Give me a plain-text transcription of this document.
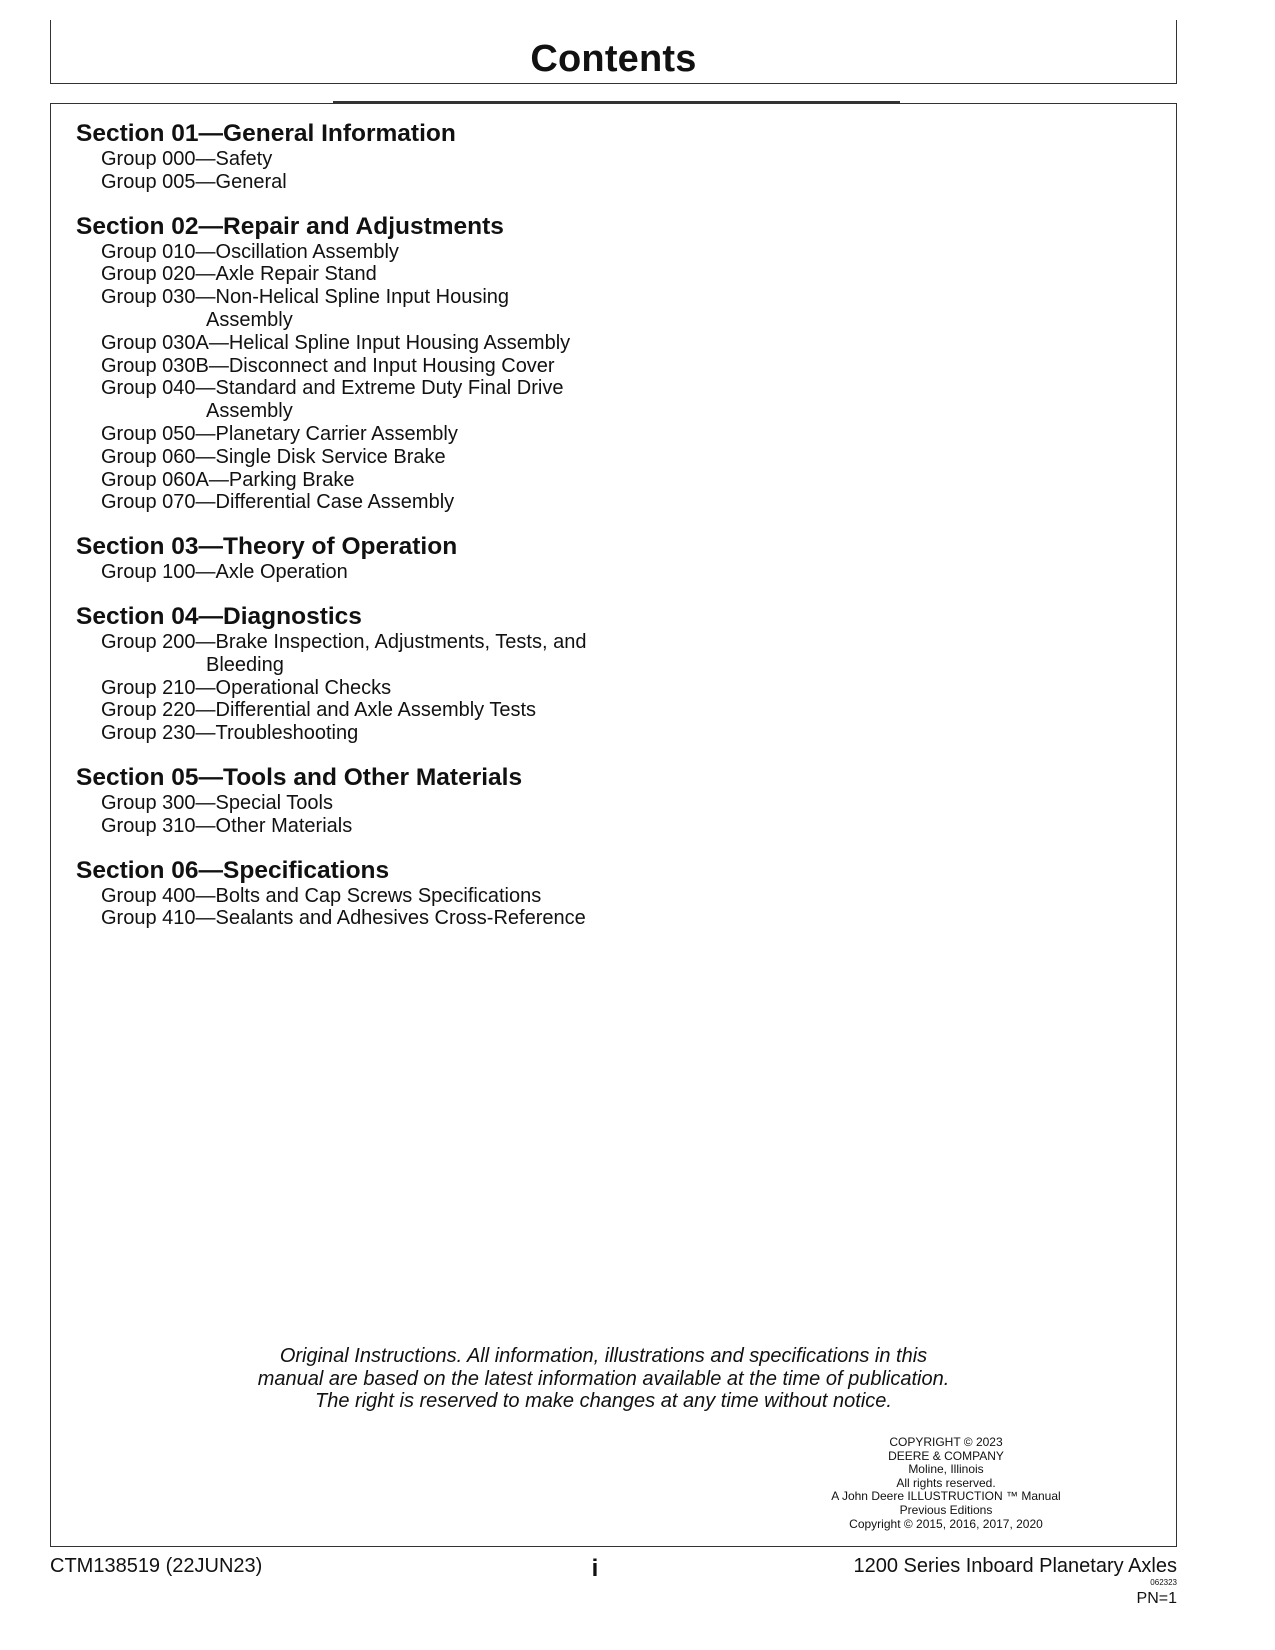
Contents
Section 01—General Information
Group 000—Safety
Group 005—General
Section 02—Repair and Adjustments
Group 010—Oscillation Assembly
Group 020—Axle Repair Stand
Group 030—Non-Helical Spline Input Housing
Assembly
Group 030A—Helical Spline Input Housing Assembly
Group 030B—Disconnect and Input Housing Cover
Group 040—Standard and Extreme Duty Final Drive
Assembly
Group 050—Planetary Carrier Assembly
Group 060—Single Disk Service Brake
Group 060A—Parking Brake
Group 070—Differential Case Assembly
Section 03—Theory of Operation
Group 100—Axle Operation
Section 04—Diagnostics
Group 200—Brake Inspection, Adjustments, Tests, and
Bleeding
Group 210—Operational Checks
Group 220—Differential and Axle Assembly Tests
Group 230—Troubleshooting
Section 05—Tools and Other Materials
Group 300—Special Tools
Group 310—Other Materials
Section 06—Specifications
Group 400—Bolts and Cap Screws Specifications
Group 410—Sealants and Adhesives Cross-Reference
Original Instructions. All information, illustrations and specifications in this
manual are based on the latest information available at the time of publication.
The right is reserved to make changes at any time without notice.
COPYRIGHT © 2023
DEERE & COMPANY
Moline, Illinois
All rights reserved.
A John Deere ILLUSTRUCTION ™ Manual
Previous Editions
Copyright © 2015, 2016, 2017, 2020
CTM138519 (22JUN23)	i	1200 Series Inboard Planetary Axles
062323
PN=1
